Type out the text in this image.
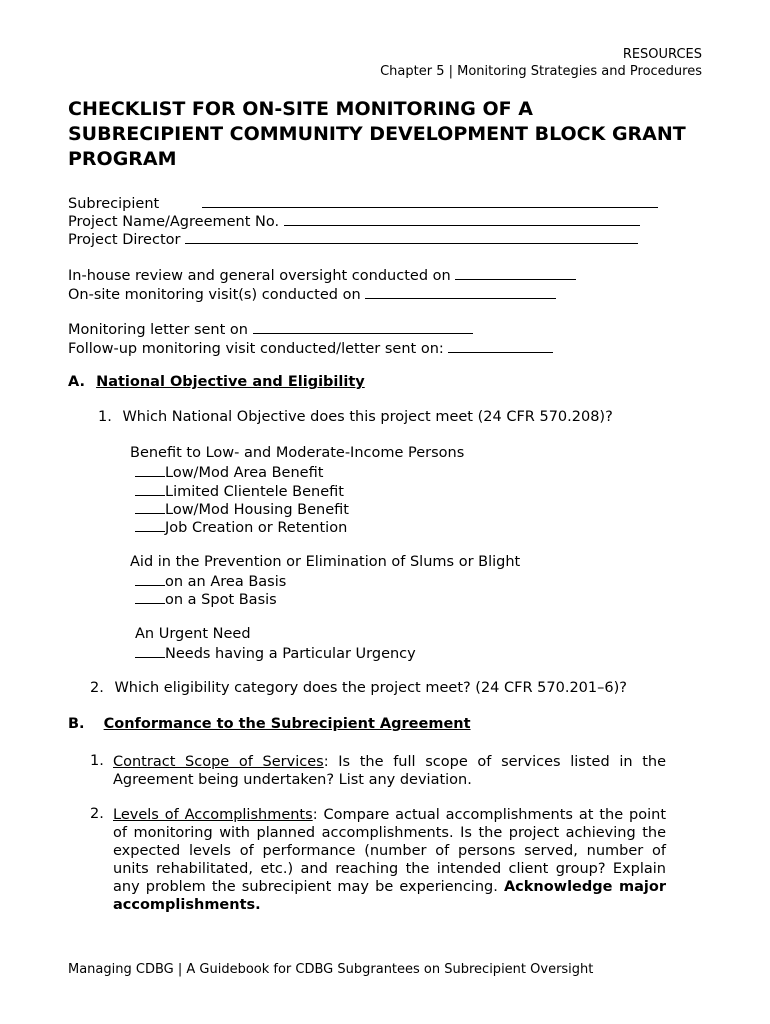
RESOURCES
Chapter 5 | Monitoring Strategies and Procedures
CHECKLIST FOR ON-SITE MONITORING OF A SUBRECIPIENT COMMUNITY DEVELOPMENT BLOCK GRANT PROGRAM
Subrecipient
Project Name/Agreement No.
Project Director
In-house review and general oversight conducted on
On-site monitoring visit(s) conducted on
Monitoring letter sent on
Follow-up monitoring visit conducted/letter sent on:
A. National Objective and Eligibility
1. Which National Objective does this project meet (24 CFR 570.208)?
Benefit to Low- and Moderate-Income Persons
Low/Mod Area Benefit
Limited Clientele Benefit
Low/Mod Housing Benefit
Job Creation or Retention
Aid in the Prevention or Elimination of Slums or Blight
on an Area Basis
on a Spot Basis
An Urgent Need
Needs having a Particular Urgency
2. Which eligibility category does the project meet? (24 CFR 570.201–6)?
B. Conformance to the Subrecipient Agreement
1. Contract Scope of Services: Is the full scope of services listed in the Agreement being undertaken? List any deviation.
2. Levels of Accomplishments: Compare actual accomplishments at the point of monitoring with planned accomplishments. Is the project achieving the expected levels of performance (number of persons served, number of units rehabilitated, etc.) and reaching the intended client group? Explain any problem the subrecipient may be experiencing. Acknowledge major accomplishments.
Managing CDBG | A Guidebook for CDBG Subgrantees on Subrecipient Oversight
